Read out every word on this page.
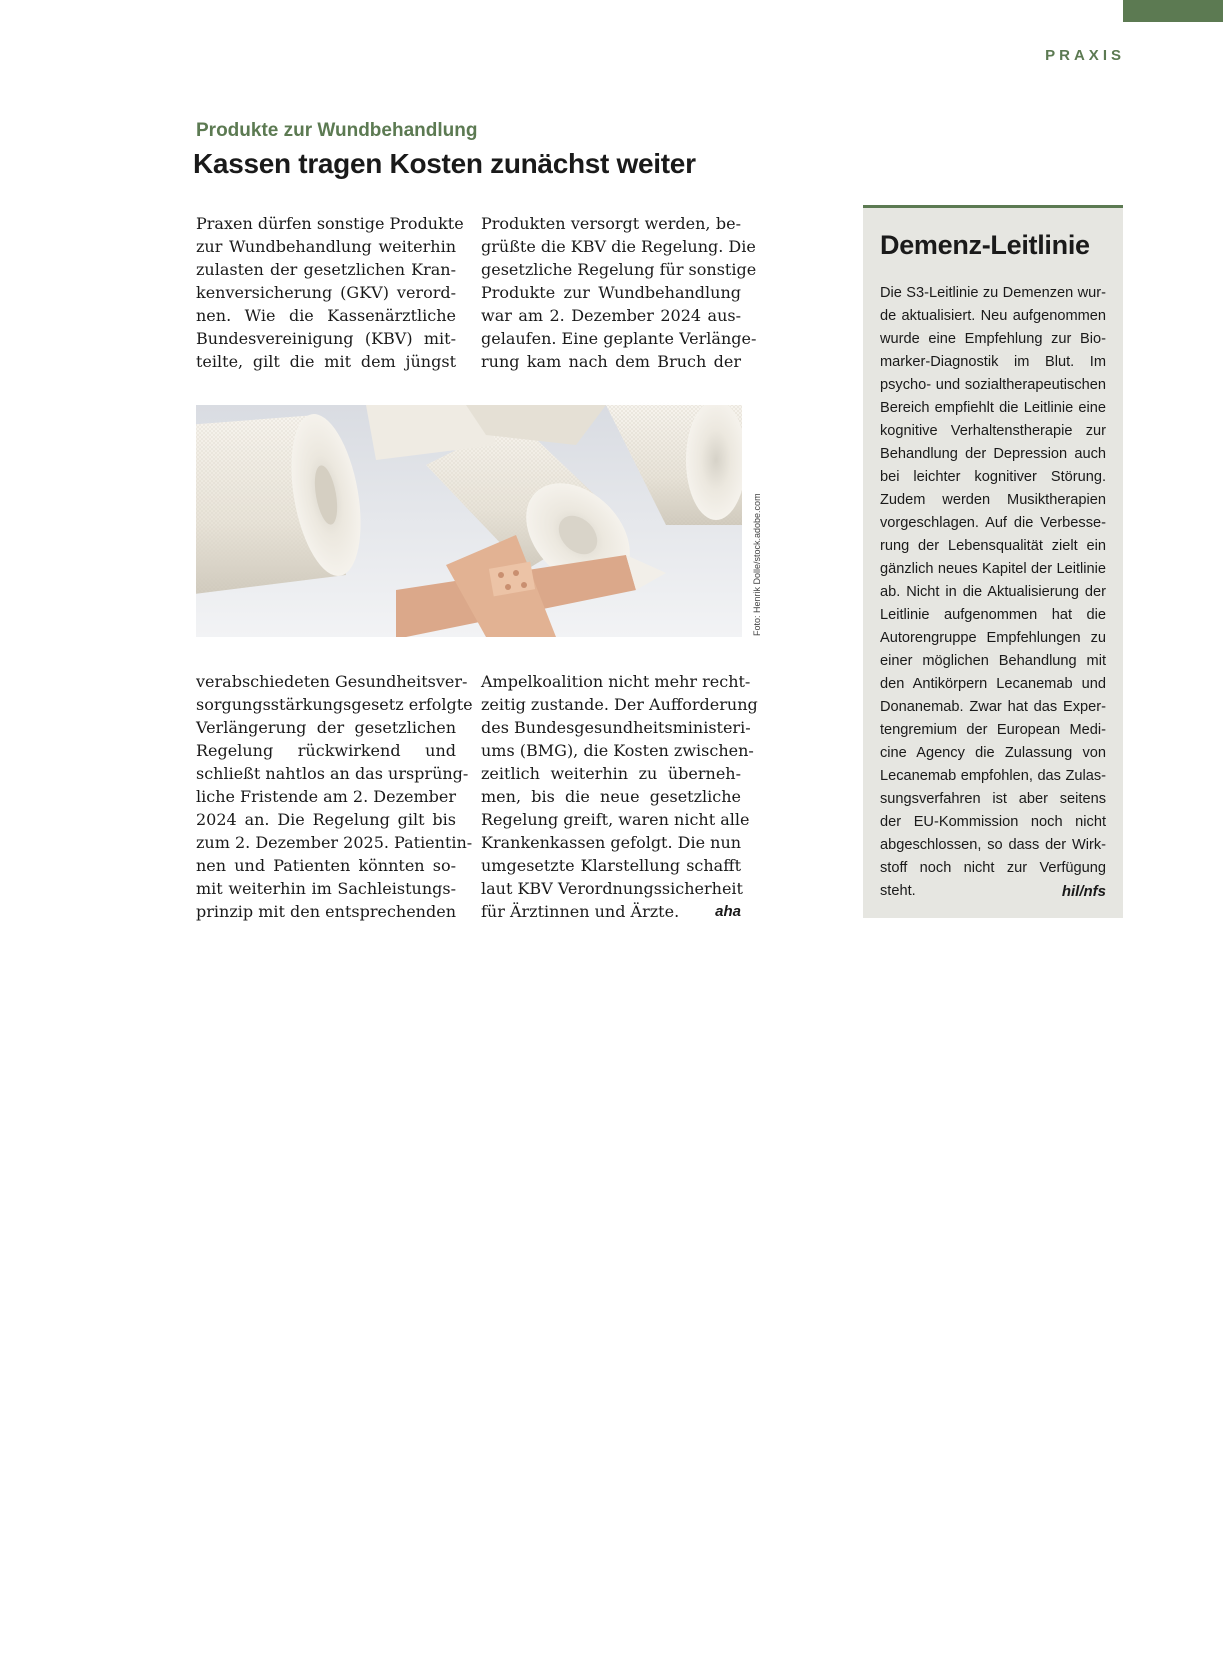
PRAXIS
Produkte zur Wundbehandlung
Kassen tragen Kosten zunächst weiter
Praxen dürfen sonstige Produkte
zur Wundbehandlung weiterhin
zulasten der gesetzlichen Kran-
kenversicherung (GKV) verord-
nen. Wie die Kassenärztliche
Bundesvereinigung (KBV) mit-
teilte, gilt die mit dem jüngst
Produkten versorgt werden, be-
grüßte die KBV die Regelung. Die
gesetzliche Regelung für sonstige
Produkte zur Wundbehandlung
war am 2. Dezember 2024 aus-
gelaufen. Eine geplante Verlänge-
rung kam nach dem Bruch der
Foto: Henrik Dolle/stock.adobe.com
verabschiedeten Gesundheitsver-
sorgungsstärkungsgesetz erfolgte
Verlängerung der gesetzlichen
Regelung rückwirkend und
schließt nahtlos an das ursprüng-
liche Fristende am 2. Dezember
2024 an. Die Regelung gilt bis
zum 2. Dezember 2025. Patientin-
nen und Patienten könnten so-
mit weiterhin im Sachleistungs-
prinzip mit den entsprechenden
Ampelkoalition nicht mehr recht-
zeitig zustande. Der Aufforderung
des Bundesgesundheitsministeri-
ums (BMG), die Kosten zwischen-
zeitlich weiterhin zu überneh-
men, bis die neue gesetzliche
Regelung greift, waren nicht alle
Krankenkassen gefolgt. Die nun
umgesetzte Klarstellung schafft
laut KBV Verordnungssicherheit
für Ärztinnen und Ärzte. aha
Demenz-Leitlinie
Die S3-Leitlinie zu Demenzen wur-
de aktualisiert. Neu aufgenommen
wurde eine Empfehlung zur Bio-
marker-Diagnostik im Blut. Im
psycho- und sozialtherapeutischen
Bereich empfiehlt die Leitlinie eine
kognitive Verhaltenstherapie zur
Behandlung der Depression auch
bei leichter kognitiver Störung.
Zudem werden Musiktherapien
vorgeschlagen. Auf die Verbesse-
rung der Lebensqualität zielt ein
gänzlich neues Kapitel der Leitlinie
ab. Nicht in die Aktualisierung der
Leitlinie aufgenommen hat die
Autorengruppe Empfehlungen zu
einer möglichen Behandlung mit
den Antikörpern Lecanemab und
Donanemab. Zwar hat das Exper-
tengremium der European Medi-
cine Agency die Zulassung von
Lecanemab empfohlen, das Zulas-
sungsverfahren ist aber seitens
der EU-Kommission noch nicht
abgeschlossen, so dass der Wirk-
stoff noch nicht zur Verfügung
steht.	hil/nfs
